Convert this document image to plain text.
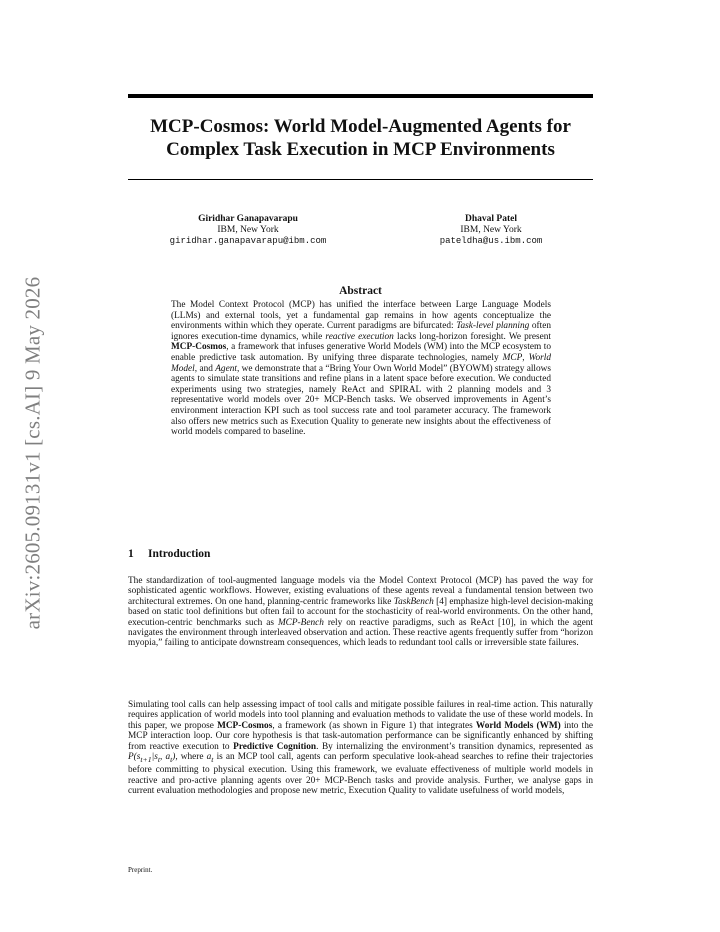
arXiv:2605.09131v1 [cs.AI] 9 May 2026
MCP-Cosmos: World Model-Augmented Agents for
Complex Task Execution in MCP Environments
Giridhar Ganapavarapu
IBM, New York
giridhar.ganapavarapu@ibm.com
Dhaval Patel
IBM, New York
pateldha@us.ibm.com
Abstract
The Model Context Protocol (MCP) has unified the interface between Large Language Models (LLMs) and external tools, yet a fundamental gap remains in how agents conceptualize the environments within which they operate. Current paradigms are bifurcated: Task-level planning often ignores execution-time dynamics, while reactive execution lacks long-horizon foresight. We present MCP-Cosmos, a framework that infuses generative World Models (WM) into the MCP ecosystem to enable predictive task automation. By unifying three disparate technologies, namely MCP, World Model, and Agent, we demonstrate that a “Bring Your Own World Model” (BYOWM) strategy allows agents to simulate state transitions and refine plans in a latent space before execution. We conducted experiments using two strategies, namely ReAct and SPIRAL with 2 planning models and 3 representative world models over 20+ MCP-Bench tasks. We observed improvements in Agent’s environment interaction KPI such as tool success rate and tool parameter accuracy. The framework also offers new metrics such as Execution Quality to generate new insights about the effectiveness of world models compared to baseline.
1 Introduction
The standardization of tool-augmented language models via the Model Context Protocol (MCP) has paved the way for sophisticated agentic workflows. However, existing evaluations of these agents reveal a fundamental tension between two architectural extremes. On one hand, planning-centric frameworks like TaskBench [4] emphasize high-level decision-making based on static tool definitions but often fail to account for the stochasticity of real-world environments. On the other hand, execution-centric benchmarks such as MCP-Bench rely on reactive paradigms, such as ReAct [10], in which the agent navigates the environment through interleaved observation and action. These reactive agents frequently suffer from “horizon myopia,” failing to anticipate downstream consequences, which leads to redundant tool calls or irreversible state failures.
Simulating tool calls can help assessing impact of tool calls and mitigate possible failures in real-time action. This naturally requires application of world models into tool planning and evaluation methods to validate the use of these world models. In this paper, we propose MCP-Cosmos, a framework (as shown in Figure 1) that integrates World Models (WM) into the MCP interaction loop. Our core hypothesis is that task-automation performance can be significantly enhanced by shifting from reactive execution to Predictive Cognition. By internalizing the environment’s transition dynamics, represented as $P(s_{t+1}|s_t$, $a_t$), where $a_t$ is an MCP tool call, agents can perform speculative look-ahead searches to refine their trajectories before committing to physical execution. Using this framework, we evaluate effectiveness of multiple world models in reactive and pro-active planning agents over 20+ MCP-Bench tasks and provide analysis. Further, we analyse gaps in current evaluation methodologies and propose new metric, Execution Quality to validate usefulness of world models,
Preprint.
